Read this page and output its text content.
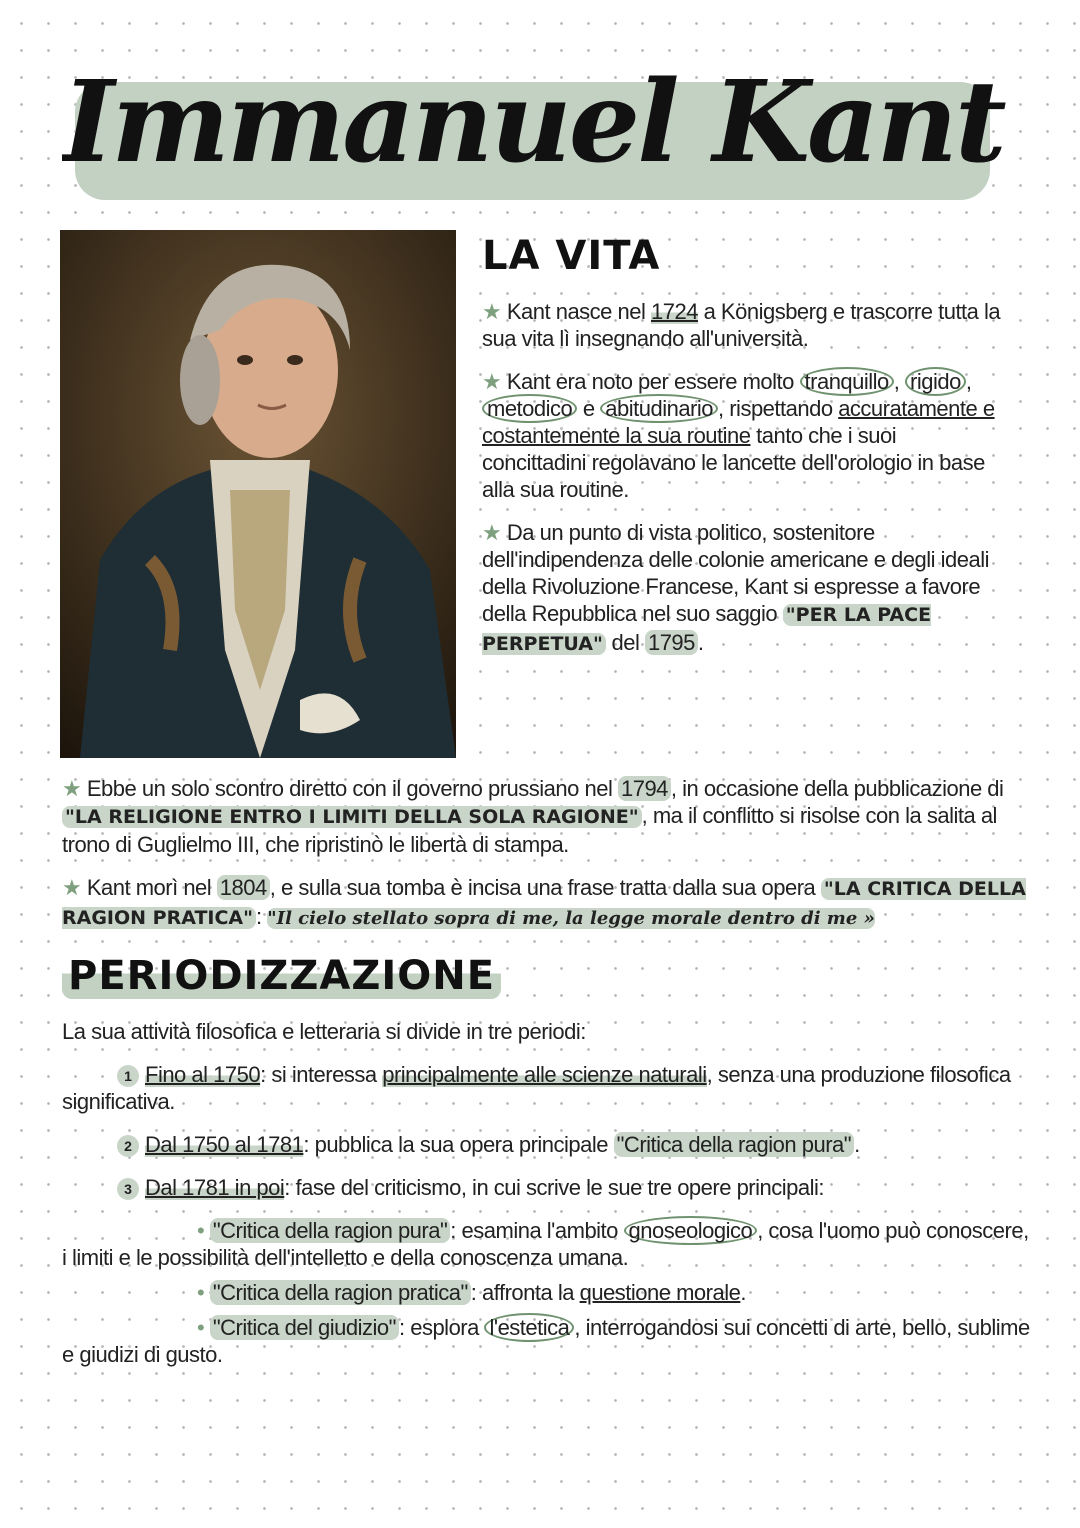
Immanuel Kant
LA VITA
★ Kant nasce nel 1724 a Königsberg e trascorre tutta la sua vita lì insegnando all'università.
★ Kant era noto per essere molto tranquillo , rigido , metodico e abitudinario , rispettando accuratamente e costantemente la sua routine tanto che i suoi concittadini regolavano le lancette dell'orologio in base alla sua routine.
★ Da un punto di vista politico, sostenitore dell'indipendenza delle colonie americane e degli ideali della Rivoluzione Francese, Kant si espresse a favore della Repubblica nel suo saggio "PER LA PACE PERPETUA" del 1795 .
★ Ebbe un solo scontro diretto con il governo prussiano nel 1794 , in occasione della pubblicazione di "LA RELIGIONE ENTRO I LIMITI DELLA SOLA RAGIONE" , ma il conflitto si risolse con la salita al trono di Guglielmo III, che ripristinò le libertà di stampa.
★ Kant morì nel 1804 , e sulla sua tomba è incisa una frase tratta dalla sua opera "LA CRITICA DELLA RAGION PRATICA" : "Il cielo stellato sopra di me, la legge morale dentro di me »
PERIODIZZAZIONE
La sua attività filosofica e letteraria si divide in tre periodi:
1 Fino al 1750: si interessa principalmente alle scienze naturali, senza una produzione filosofica significativa.
2 Dal 1750 al 1781: pubblica la sua opera principale "Critica della ragion pura" .
3 Dal 1781 in poi: fase del criticismo, in cui scrive le sue tre opere principali:
• "Critica della ragion pura" : esamina l'ambito gnoseologico , cosa l'uomo può conoscere, i limiti e le possibilità dell'intelletto e della conoscenza umana.
• "Critica della ragion pratica" : affronta la questione morale.
• "Critica del giudizio" : esplora l'estetica , interrogandosi sui concetti di arte, bello, sublime e giudizi di gusto.
